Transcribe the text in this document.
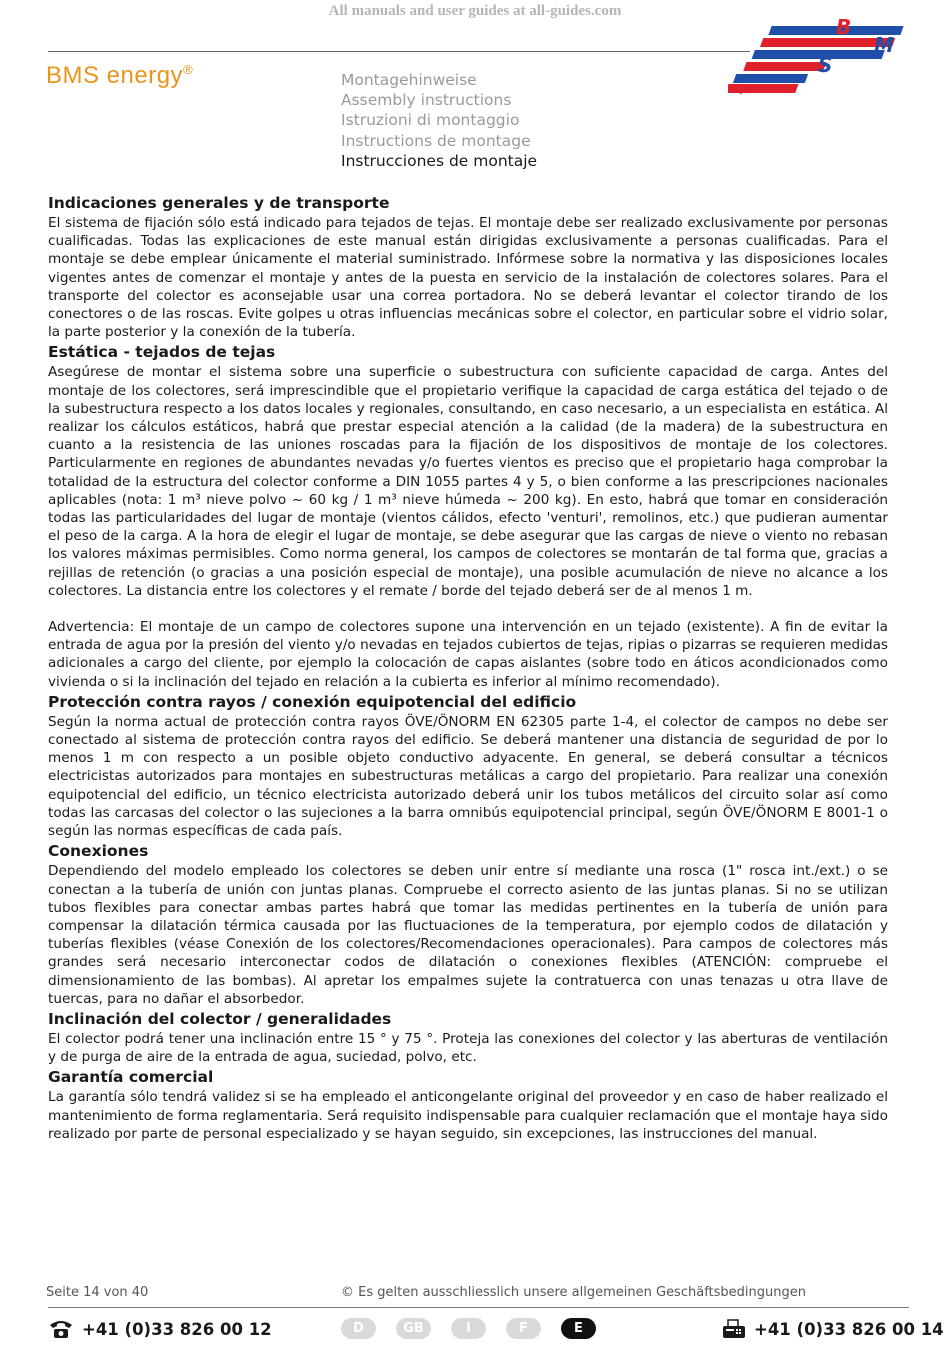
All manuals and user guides at all-guides.com
BMS energy®
Montagehinweise
Assembly instructions
Istruzioni di montaggio
Instructions de montage
Instrucciones de montaje
B
M
S
+
Indicaciones generales y de transporte

El sistema de fijación sólo está indicado para tejados de tejas. El montaje debe ser realizado exclusivamente por personas cualificadas. Todas las explicaciones de este manual están dirigidas exclusivamente a personas cualificadas. Para el montaje se debe emplear únicamente el material suministrado. Infórmese sobre la normativa y las disposiciones locales vigentes antes de comenzar el montaje y antes de la puesta en servicio de la instalación de colectores solares. Para el transporte del colector es aconsejable usar una correa portadora. No se deberá levantar el colector tirando de los conectores o de las roscas. Evite golpes u otras influencias mecánicas sobre el colector, en particular sobre el vidrio solar, la parte posterior y la conexión de la tubería.

Estática - tejados de tejas

Asegúrese de montar el sistema sobre una superficie o subestructura con suficiente capacidad de carga. Antes del montaje de los colectores, será imprescindible que el propietario verifique la capacidad de carga estática del tejado o de la subestructura respecto a los datos locales y regionales, consultando, en caso necesario, a un especialista en estática. Al realizar los cálculos estáticos, habrá que prestar especial atención a la calidad (de la madera) de la subestructura en cuanto a la resistencia de las uniones roscadas para la fijación de los dispositivos de montaje de los colectores. Particularmente en regiones de abundantes nevadas y/o fuertes vientos es preciso que el propietario haga comprobar la totalidad de la estructura del colector conforme a DIN 1055 partes 4 y 5, o bien conforme a las prescripciones nacionales aplicables (nota: 1 m³ nieve polvo ~ 60 kg / 1 m³ nieve húmeda ~ 200 kg). En esto, habrá que tomar en consideración todas las particularidades del lugar de montaje (vientos cálidos, efecto 'venturi', remolinos, etc.) que pudieran aumentar el peso de la carga. A la hora de elegir el lugar de montaje, se debe asegurar que las cargas de nieve o viento no rebasan los valores máximas permisibles. Como norma general, los campos de colectores se montarán de tal forma que, gracias a rejillas de retención (o gracias a una posición especial de montaje), una posible acumulación de nieve no alcance a los colectores. La distancia entre los colectores y el remate / borde del tejado deberá ser de al menos 1 m.

Advertencia: El montaje de un campo de colectores supone una intervención en un tejado (existente). A fin de evitar la entrada de agua por la presión del viento y/o nevadas en tejados cubiertos de tejas, ripias o pizarras se requieren medidas adicionales a cargo del cliente, por ejemplo la colocación de capas aislantes (sobre todo en áticos acondicionados como vivienda o si la inclinación del tejado en relación a la cubierta es inferior al mínimo recomendado).

Protección contra rayos / conexión equipotencial del edificio

Según la norma actual de protección contra rayos ÖVE/ÖNORM EN 62305 parte 1-4, el colector de campos no debe ser conectado al sistema de protección contra rayos del edificio. Se deberá mantener una distancia de seguridad de por lo menos 1 m con respecto a un posible objeto conductivo adyacente. En general, se deberá consultar a técnicos electricistas autorizados para montajes en subestructuras metálicas a cargo del propietario. Para realizar una conexión equipotencial del edificio, un técnico electricista autorizado deberá unir los tubos metálicos del circuito solar así como todas las carcasas del colector o las sujeciones a la barra omnibús equipotencial principal, según ÖVE/ÖNORM E 8001-1 o según las normas específicas de cada país.

Conexiones

Dependiendo del modelo empleado los colectores se deben unir entre sí mediante una rosca (1" rosca int./ext.) o se conectan a la tubería de unión con juntas planas. Compruebe el correcto asiento de las juntas planas. Si no se utilizan tubos flexibles para conectar ambas partes habrá que tomar las medidas pertinentes en la tubería de unión para compensar la dilatación térmica causada por las fluctuaciones de la temperatura, por ejemplo codos de dilatación y tuberías flexibles (véase Conexión de los colectores/Recomendaciones operacionales). Para campos de colectores más grandes será necesario interconectar codos de dilatación o conexiones flexibles (ATENCIÓN: compruebe el dimensionamiento de las bombas). Al apretar los empalmes sujete la contratuerca con unas tenazas u otra llave de tuercas, para no dañar el absorbedor.

Inclinación del colector / generalidades

El colector podrá tener una inclinación entre 15 ° y 75 °. Proteja las conexiones del colector y las aberturas de ventilación y de purga de aire de la entrada de agua, suciedad, polvo, etc.

Garantía comercial

La garantía sólo tendrá validez si se ha empleado el anticongelante original del proveedor y en caso de haber realizado el mantenimiento de forma reglamentaria. Será requisito indispensable para cualquier reclamación que el montaje haya sido realizado por parte de personal especializado y se hayan seguido, sin excepciones, las instrucciones del manual.

Seite 14 von 40	© Es gelten ausschliesslich unsere allgemeinen Geschäftsbedingungen
+41 (0)33 826 00 12	D	GB	I	F	E	+41 (0)33 826 00 14
